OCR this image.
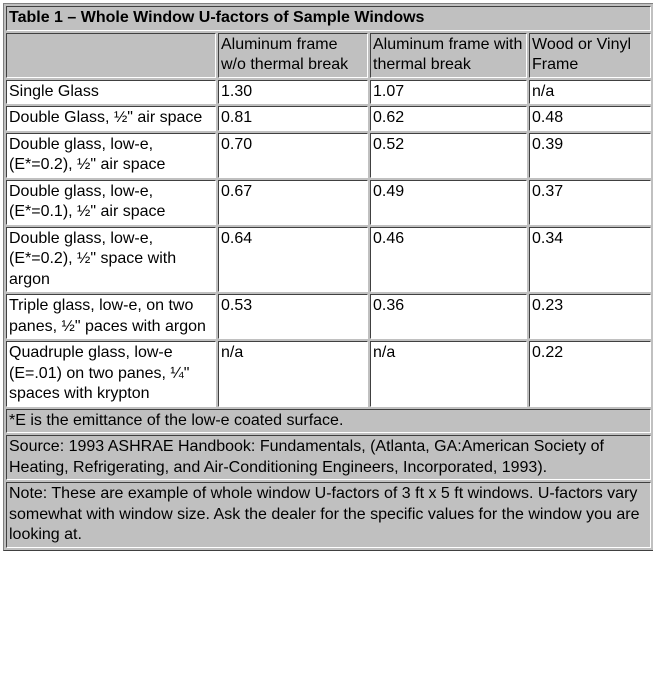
Table 1 – Whole Window U-factors of Sample Windows			
	Aluminum frame w/o thermal break	Aluminum frame with thermal break	Wood or Vinyl Frame
Single Glass	1.30	1.07	n/a
Double Glass, ½" air space	0.81	0.62	0.48
Double glass, low-e, (E*=0.2), ½" air space	0.70	0.52	0.39
Double glass, low-e, (E*=0.1), ½" air space	0.67	0.49	0.37
Double glass, low-e, (E*=0.2), ½" space with argon	0.64	0.46	0.34
Triple glass, low-e, on two panes, ½" paces with argon	0.53	0.36	0.23
Quadruple glass, low-e (E=.01) on two panes, ¼" spaces with krypton	n/a	n/a	0.22
*E is the emittance of the low-e coated surface.			
Source: 1993 ASHRAE Handbook: Fundamentals, (Atlanta, GA:American Society of Heating, Refrigerating, and Air-Conditioning Engineers, Incorporated, 1993).			
Note: These are example of whole window U-factors of 3 ft x 5 ft windows. U-factors vary somewhat with window size. Ask the dealer for the specific values for the window you are looking at.			
